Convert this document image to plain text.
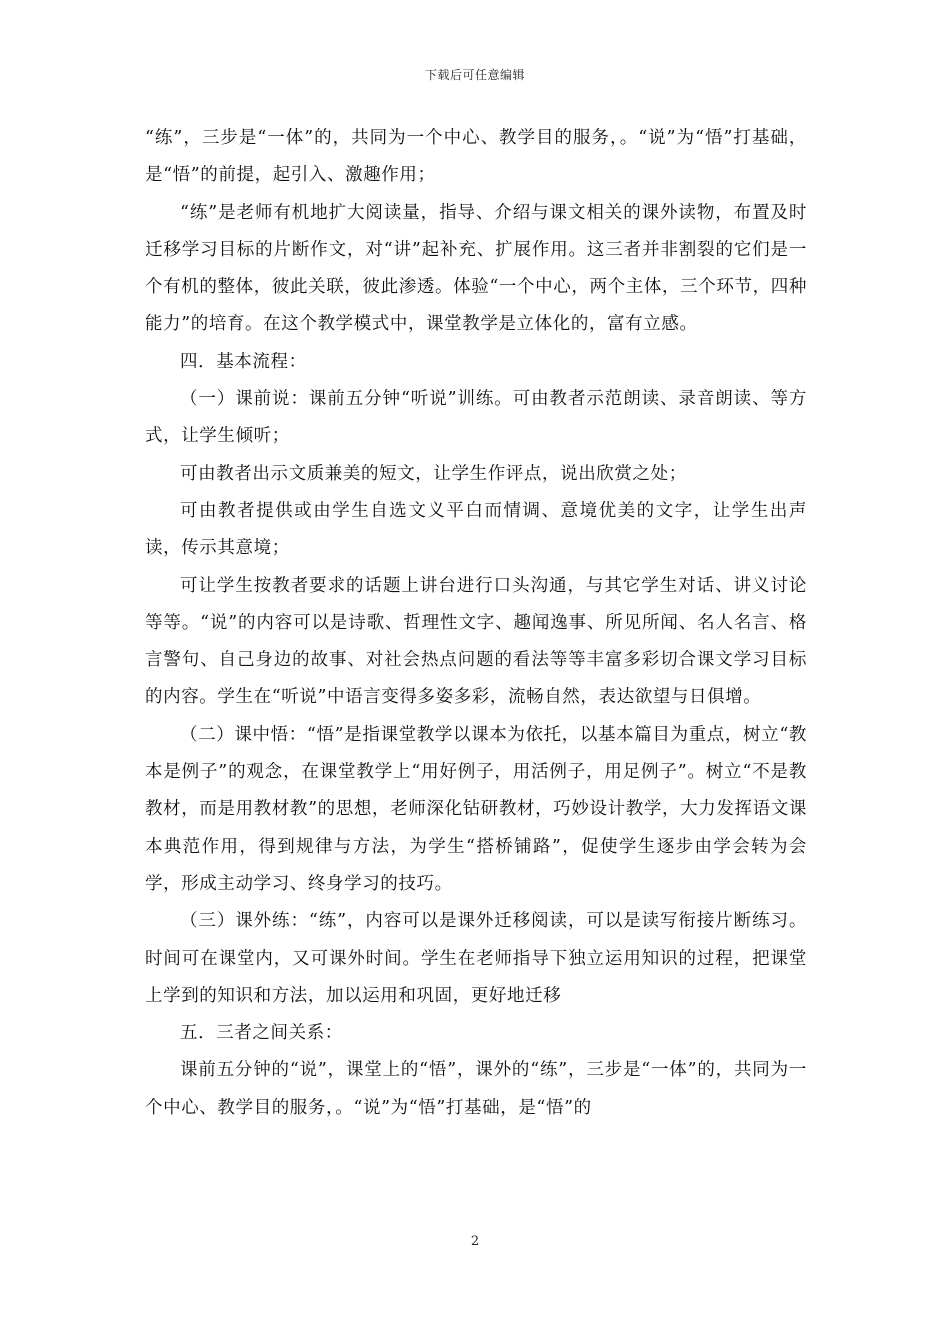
下载后可任意编辑

“练”，三步是“一体”的，共同为一个中心、教学目的服务，。“说”为“悟”打基础，是“悟”的前提，起引入、激趣作用；

“练”是老师有机地扩大阅读量，指导、介绍与课文相关的课外读物，布置及时迁移学习目标的片断作文，对“讲”起补充、扩展作用。这三者并非割裂的它们是一个有机的整体，彼此关联，彼此渗透。体验“一个中心，两个主体，三个环节，四种能力”的培育。在这个教学模式中，课堂教学是立体化的，富有立感。

四．基本流程：

（一）课前说：课前五分钟“听说”训练。可由教者示范朗读、录音朗读、等方式，让学生倾听；

可由教者出示文质兼美的短文，让学生作评点，说出欣赏之处；

可由教者提供或由学生自选文义平白而情调、意境优美的文字，让学生出声读，传示其意境；

可让学生按教者要求的话题上讲台进行口头沟通，与其它学生对话、讲义讨论等等。“说”的内容可以是诗歌、哲理性文字、趣闻逸事、所见所闻、名人名言、格言警句、自己身边的故事、对社会热点问题的看法等等丰富多彩切合课文学习目标的内容。学生在“听说”中语言变得多姿多彩，流畅自然，表达欲望与日俱增。

（二）课中悟：“悟”是指课堂教学以课本为依托，以基本篇目为重点，树立“教本是例子”的观念，在课堂教学上“用好例子，用活例子，用足例子”。树立“不是教教材，而是用教材教”的思想，老师深化钻研教材，巧妙设计教学，大力发挥语文课本典范作用，得到规律与方法，为学生“搭桥铺路”，促使学生逐步由学会转为会学，形成主动学习、终身学习的技巧。

（三）课外练：“练”，内容可以是课外迁移阅读，可以是读写衔接片断练习。时间可在课堂内，又可课外时间。学生在老师指导下独立运用知识的过程，把课堂上学到的知识和方法，加以运用和巩固，更好地迁移

五．三者之间关系：

课前五分钟的“说”，课堂上的“悟”，课外的“练”，三步是“一体”的，共同为一个中心、教学目的服务，。“说”为“悟”打基础，是“悟”的

2
